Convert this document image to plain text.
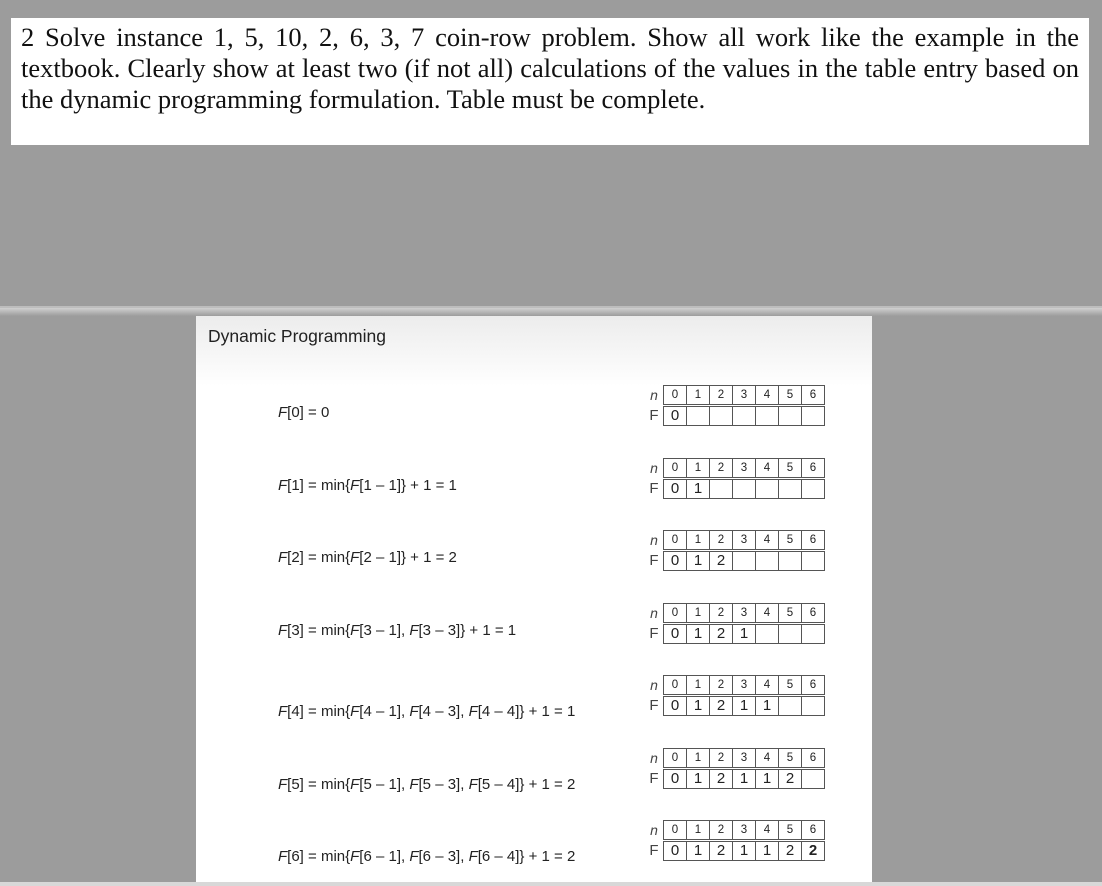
2 Solve instance 1, 5, 10, 2, 6, 3, 7 coin-row problem. Show all work like the example in the textbook. Clearly show at least two (if not all) calculations of the values in the table entry based on the dynamic programming formulation. Table must be complete.

Dynamic Programming
F[0] = 0
n	0	1	2	3	4	5	6
F 0
F[1] = min{F[1 – 1]} + 1 = 1
n	0	1	2	3	4	5	6
F 0 1
F[2] = min{F[2 – 1]} + 1 = 2
n	0	1	2	3	4	5	6
F 0 1 2
F[3] = min{F[3 – 1], F[3 – 3]} + 1 = 1
n	0	1	2	3	4	5	6
F 0 1 2 1
F[4] = min{F[4 – 1], F[4 – 3], F[4 – 4]} + 1 = 1
n	0	1	2	3	4	5	6
F 0 1 2 1 1
F[5] = min{F[5 – 1], F[5 – 3], F[5 – 4]} + 1 = 2
n	0	1	2	3	4	5	6
F 0 1 2 1 1 2
F[6] = min{F[6 – 1], F[6 – 3], F[6 – 4]} + 1 = 2
n	0	1	2	3	4	5	6
F 0 1 2 1 1 2 2
